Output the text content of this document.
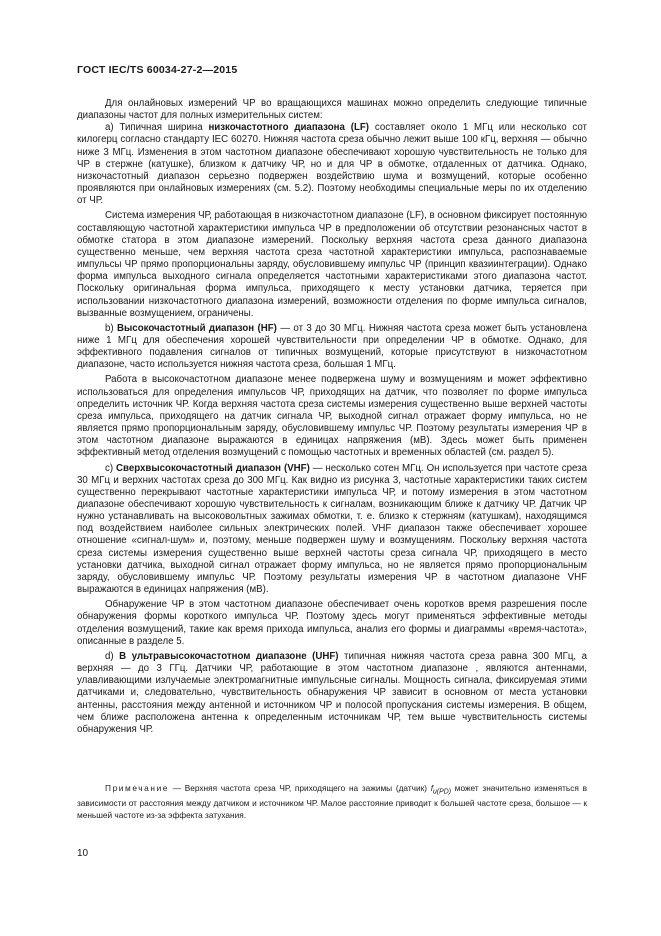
ГОСТ IEC/TS 60034-27-2—2015

Для онлайновых измерений ЧР во вращающихся машинах можно определить следующие типичные диапазоны частот для полных измерительных систем:

а) Типичная ширина низкочастотного диапазона (LF) составляет около 1 МГц или несколько сот килогерц согласно стандарту IEC 60270. Нижняя частота среза обычно лежит выше 100 кГц, верхняя — обычно ниже 3 МГц. Изменения в этом частотном диапазоне обеспечивают хорошую чувствительность не только для ЧР в стержне (катушке), близком к датчику ЧР, но и для ЧР в обмотке, отдаленных от датчика. Однако, низкочастотный диапазон серьезно подвержен воздействию шума и возмущений, которые особенно проявляются при онлайновых измерениях (см. 5.2). Поэтому необходимы специальные меры по их отделению от ЧР.

Система измерения ЧР, работающая в низкочастотном диапазоне (LF), в основном фиксирует постоянную составляющую частотной характеристики импульса ЧР в предположении об отсутствии резонансных частот в обмотке статора в этом диапазоне измерений. Поскольку верхняя частота среза данного диапазона существенно меньше, чем верхняя частота среза частотной характеристики импульса, распознаваемые импульсы ЧР прямо пропорциональны заряду, обусловившему импульс ЧР (принцип квазиинтеграции). Однако форма импульса выходного сигнала определяется частотными характеристиками этого диапазона частот. Поскольку оригинальная форма импульса, приходящего к месту установки датчика, теряется при использовании низкочастотного диапазона измерений, возможности отделения по форме импульса сигналов, вызванные возмущением, ограничены.

b) Высокочастотный диапазон (HF) — от 3 до 30 МГц. Нижняя частота среза может быть установлена ниже 1 МГц для обеспечения хорошей чувствительности при определении ЧР в обмотке. Однако, для эффективного подавления сигналов от типичных возмущений, которые присутствуют в низкочастотном диапазоне, часто используется нижняя частота среза, большая 1 МГц.

Работа в высокочастотном диапазоне менее подвержена шуму и возмущениям и может эффективно использоваться для определения импульсов ЧР, приходящих на датчик, что позволяет по форме импульса определить источник ЧР. Когда верхняя частота среза системы измерения существенно выше верхней частоты среза импульса, приходящего на датчик сигнала ЧР, выходной сигнал отражает форму импульса, но не является прямо пропорциональным заряду, обусловившему импульс ЧР. Поэтому результаты измерения ЧР в этом частотном диапазоне выражаются в единицах напряжения (мВ). Здесь может быть применен эффективный метод отделения возмущений с помощью частотных и временных областей (см. раздел 5).

с) Сверхвысокочастотный диапазон (VHF) — несколько сотен МГц. Он используется при частоте среза 30 МГц и верхних частотах среза до 300 МГц. Как видно из рисунка 3, частотные характеристики таких систем существенно перекрывают частотные характеристики импульса ЧР, и потому измерения в этом частотном диапазоне обеспечивают хорошую чувствительность к сигналам, возникающим ближе к датчику ЧР. Датчик ЧР нужно устанавливать на высоковольтных зажимах обмотки, т. е. близко к стержням (катушкам), находящимся под воздействием наиболее сильных электрических полей. VHF диапазон также обеспечивает хорошее отношение «сигнал-шум» и, поэтому, меньше подвержен шуму и возмущениям. Поскольку верхняя частота среза системы измерения существенно выше верхней частоты среза сигнала ЧР, приходящего в место установки датчика, выходной сигнал отражает форму импульса, но не является прямо пропорциональным заряду, обусловившему импульс ЧР. Поэтому результаты измерения ЧР в частотном диапазоне VHF выражаются в единицах напряжения (мВ).

Обнаружение ЧР в этом частотном диапазоне обеспечивает очень коротков время разрешения после обнаружения формы короткого импульса ЧР. Поэтому здесь могут применяться эффективные методы отделения возмущений, такие как время прихода импульса, анализ его формы и диаграммы «время-частота», описанные в разделе 5.

d) В ультравысокочастотном диапазоне (UHF) типичная нижняя частота среза равна 300 МГц, а верхняя — до 3 ГГц. Датчики ЧР, работающие в этом частотном диапазоне , являются антеннами, улавливающими излучаемые электромагнитные импульсные сигналы. Мощность сигнала, фиксируемая этими датчиками и, следовательно, чувствительность обнаружения ЧР зависит в основном от места установки антенны, расстояния между антенной и источником ЧР и полосой пропускания системы измерения. В общем, чем ближе расположена антенна к определенным источникам ЧР, тем выше чувствительность системы обнаружения ЧР.

Примечание — Верхняя частота среза ЧР, приходящего на зажимы (датчик) $f_{u(PD)}$ может значительно изменяться в зависимости от расстояния между датчиком и источником ЧР. Малое расстояние приводит к большей частоте среза, большое — к меньшей частоте из-за эффекта затухания.

10
